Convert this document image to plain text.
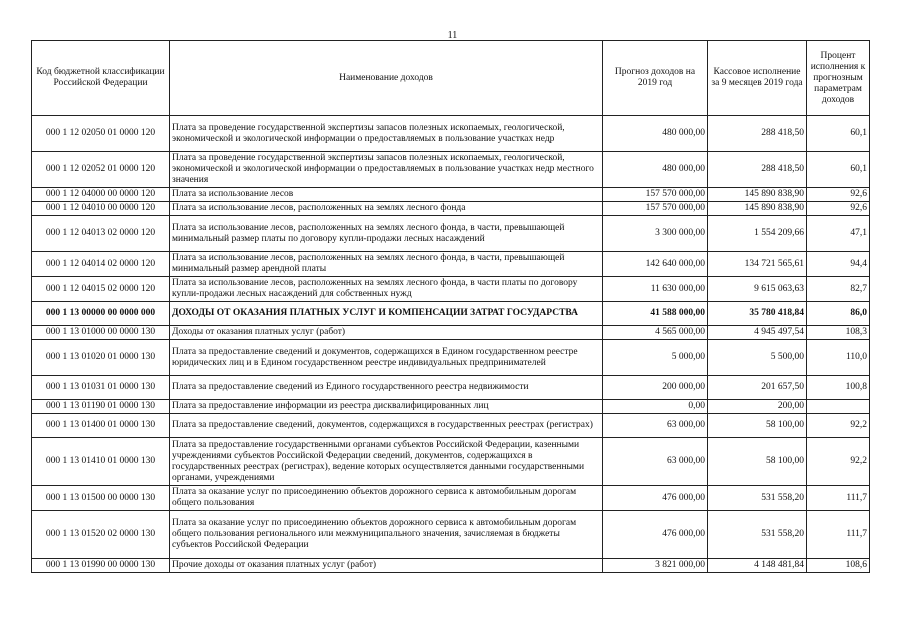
11
Код бюджетной классификации Российской Федерации	Наименование доходов	Прогноз доходов на 2019 год	Кассовое исполнение за 9 месяцев 2019 года	Процент исполнения к прогнозным параметрам доходов
000 1 12 02050 01 0000 120	Плата за проведение государственной экспертизы запасов полезных ископаемых, геологической, экономической и экологической информации о предоставляемых в пользование участках недр	480 000,00	288 418,50	60,1
000 1 12 02052 01 0000 120	Плата за проведение государственной экспертизы запасов полезных ископаемых, геологической, экономической и экологической информации о предоставляемых в пользование участках недр местного значения	480 000,00	288 418,50	60,1
000 1 12 04000 00 0000 120	Плата за использование лесов	157 570 000,00	145 890 838,90	92,6
000 1 12 04010 00 0000 120	Плата за использование лесов, расположенных на землях лесного фонда	157 570 000,00	145 890 838,90	92,6
000 1 12 04013 02 0000 120	Плата за использование лесов, расположенных на землях лесного фонда, в части, превышающей минимальный размер платы по договору купли-продажи лесных насаждений	3 300 000,00	1 554 209,66	47,1
000 1 12 04014 02 0000 120	Плата за использование лесов, расположенных на землях лесного фонда, в части, превышающей минимальный размер арендной платы	142 640 000,00	134 721 565,61	94,4
000 1 12 04015 02 0000 120	Плата за использование лесов, расположенных на землях лесного фонда, в части платы по договору купли-продажи лесных насаждений для собственных нужд	11 630 000,00	9 615 063,63	82,7
000 1 13 00000 00 0000 000	ДОХОДЫ ОТ ОКАЗАНИЯ ПЛАТНЫХ УСЛУГ И КОМПЕНСАЦИИ ЗАТРАТ ГОСУДАРСТВА	41 588 000,00	35 780 418,84	86,0
000 1 13 01000 00 0000 130	Доходы от оказания платных услуг (работ)	4 565 000,00	4 945 497,54	108,3
000 1 13 01020 01 0000 130	Плата за предоставление сведений и документов, содержащихся в Едином государственном реестре юридических лиц и в Едином государственном реестре индивидуальных предпринимателей	5 000,00	5 500,00	110,0
000 1 13 01031 01 0000 130	Плата за предоставление сведений из Единого государственного реестра недвижимости	200 000,00	201 657,50	100,8
000 1 13 01190 01 0000 130	Плата за предоставление информации из реестра дисквалифицированных лиц	0,00	200,00	
000 1 13 01400 01 0000 130	Плата за предоставление сведений, документов, содержащихся в государственных реестрах (регистрах)	63 000,00	58 100,00	92,2
000 1 13 01410 01 0000 130	Плата за предоставление государственными органами субъектов Российской Федерации, казенными учреждениями субъектов Российской Федерации сведений, документов, содержащихся в государственных реестрах (регистрах), ведение которых осуществляется данными государственными органами, учреждениями	63 000,00	58 100,00	92,2
000 1 13 01500 00 0000 130	Плата за оказание услуг по присоединению объектов дорожного сервиса к автомобильным дорогам общего пользования	476 000,00	531 558,20	111,7
000 1 13 01520 02 0000 130	Плата за оказание услуг по присоединению объектов дорожного сервиса к автомобильным дорогам общего пользования регионального или межмуниципального значения, зачисляемая в бюджеты субъектов Российской Федерации	476 000,00	531 558,20	111,7
000 1 13 01990 00 0000 130	Прочие доходы от оказания платных услуг (работ)	3 821 000,00	4 148 481,84	108,6
